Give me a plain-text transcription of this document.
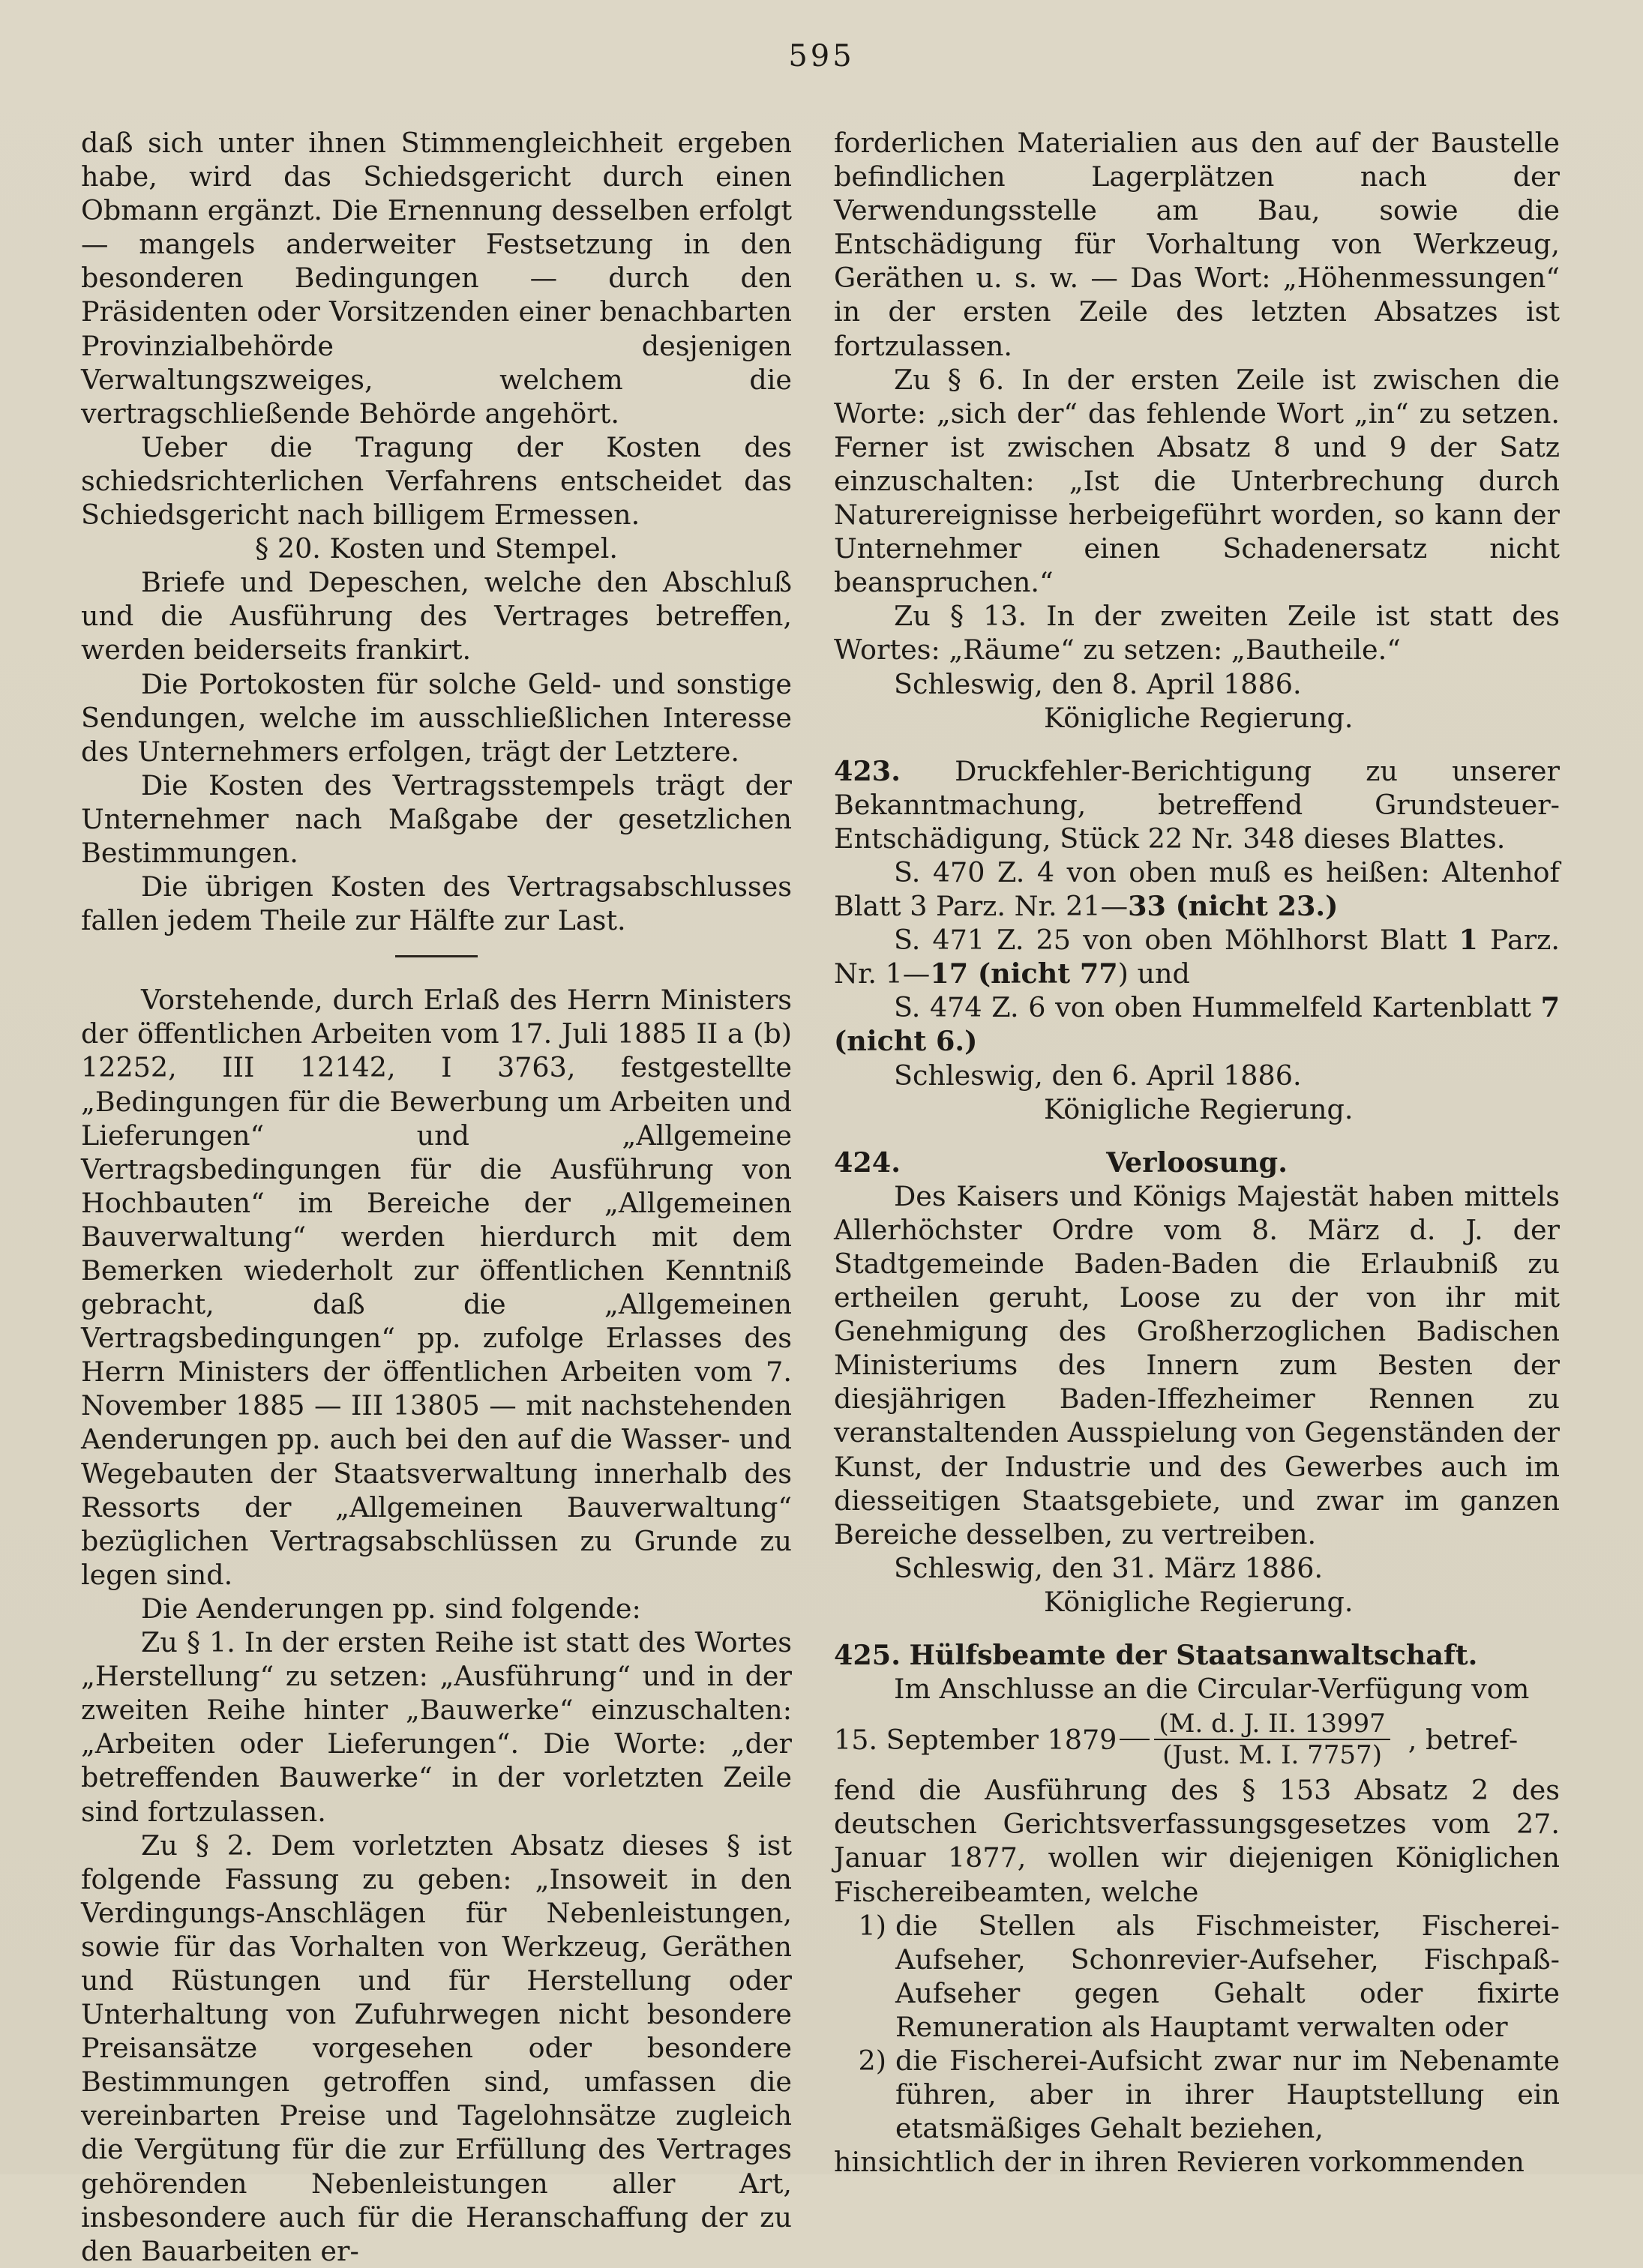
595

daß sich unter ihnen Stimmengleichheit ergeben habe, wird das Schiedsgericht durch einen Obmann ergänzt. Die Ernennung desselben erfolgt — mangels anderweiter Festsetzung in den besonderen Bedingungen — durch den Präsidenten oder Vorsitzenden einer benachbarten Provinzialbehörde desjenigen Verwaltungszweiges, welchem die vertragschließende Behörde angehört.

Ueber die Tragung der Kosten des schiedsrichterlichen Verfahrens entscheidet das Schiedsgericht nach billigem Ermessen.

§ 20. Kosten und Stempel.

Briefe und Depeschen, welche den Abschluß und die Ausführung des Vertrages betreffen, werden beiderseits frankirt.

Die Portokosten für solche Geld- und sonstige Sendungen, welche im ausschließlichen Interesse des Unternehmers erfolgen, trägt der Letztere.

Die Kosten des Vertragsstempels trägt der Unternehmer nach Maßgabe der gesetzlichen Bestimmungen.

Die übrigen Kosten des Vertragsabschlusses fallen jedem Theile zur Hälfte zur Last.

Vorstehende, durch Erlaß des Herrn Ministers der öffentlichen Arbeiten vom 17. Juli 1885 II a (b) 12252, III 12142, I 3763, festgestellte „Bedingungen für die Bewerbung um Arbeiten und Lieferungen“ und „Allgemeine Vertragsbedingungen für die Ausführung von Hochbauten“ im Bereiche der „Allgemeinen Bauverwaltung“ werden hierdurch mit dem Bemerken wiederholt zur öffentlichen Kenntniß gebracht, daß die „Allgemeinen Vertragsbedingungen“ pp. zufolge Erlasses des Herrn Ministers der öffentlichen Arbeiten vom 7. November 1885 — III 13805 — mit nachstehenden Aenderungen pp. auch bei den auf die Wasser- und Wegebauten der Staatsverwaltung innerhalb des Ressorts der „Allgemeinen Bauverwaltung“ bezüglichen Vertragsabschlüssen zu Grunde zu legen sind.

Die Aenderungen pp. sind folgende:

Zu § 1. In der ersten Reihe ist statt des Wortes „Herstellung“ zu setzen: „Ausführung“ und in der zweiten Reihe hinter „Bauwerke“ einzuschalten: „Arbeiten oder Lieferungen“. Die Worte: „der betreffenden Bauwerke“ in der vorletzten Zeile sind fortzulassen.

Zu § 2. Dem vorletzten Absatz dieses § ist folgende Fassung zu geben: „Insoweit in den Verdingungs-Anschlägen für Nebenleistungen, sowie für das Vorhalten von Werkzeug, Geräthen und Rüstungen und für Herstellung oder Unterhaltung von Zufuhrwegen nicht besondere Preisansätze vorgesehen oder besondere Bestimmungen getroffen sind, umfassen die vereinbarten Preise und Tagelohnsätze zugleich die Vergütung für die zur Erfüllung des Vertrages gehörenden Nebenleistungen aller Art, insbesondere auch für die Heranschaffung der zu den Bauarbeiten er-

forderlichen Materialien aus den auf der Baustelle befindlichen Lagerplätzen nach der Verwendungsstelle am Bau, sowie die Entschädigung für Vorhaltung von Werkzeug, Geräthen u. s. w. — Das Wort: „Höhenmessungen“ in der ersten Zeile des letzten Absatzes ist fortzulassen.

Zu § 6. In der ersten Zeile ist zwischen die Worte: „sich der“ das fehlende Wort „in“ zu setzen. Ferner ist zwischen Absatz 8 und 9 der Satz einzuschalten: „Ist die Unterbrechung durch Naturereignisse herbeigeführt worden, so kann der Unternehmer einen Schadenersatz nicht beanspruchen.“

Zu § 13. In der zweiten Zeile ist statt des Wortes: „Räume“ zu setzen: „Bautheile.“

Schleswig, den 8. April 1886.

Königliche Regierung.

423. Druckfehler-Berichtigung zu unserer Bekanntmachung, betreffend Grundsteuer-Entschädigung, Stück 22 Nr. 348 dieses Blattes.

S. 470 Z. 4 von oben muß es heißen: Altenhof Blatt 3 Parz. Nr. 21—33 (nicht 23.)

S. 471 Z. 25 von oben Möhlhorst Blatt 1 Parz. Nr. 1—17 (nicht 77) und

S. 474 Z. 6 von oben Hummelfeld Kartenblatt 7 (nicht 6.)

Schleswig, den 6. April 1886.

Königliche Regierung.

424.	Verloosung.

Des Kaisers und Königs Majestät haben mittels Allerhöchster Ordre vom 8. März d. J. der Stadtgemeinde Baden-Baden die Erlaubniß zu ertheilen geruht, Loose zu der von ihr mit Genehmigung des Großherzoglichen Badischen Ministeriums des Innern zum Besten der diesjährigen Baden-Iffezheimer Rennen zu veranstaltenden Ausspielung von Gegenständen der Kunst, der Industrie und des Gewerbes auch im diesseitigen Staatsgebiete, und zwar im ganzen Bereiche desselben, zu vertreiben.

Schleswig, den 31. März 1886.

Königliche Regierung.

425. Hülfsbeamte der Staatsanwaltschaft.

Im Anschlusse an die Circular-Verfügung vom

15. September $1879 \frac{(M. d. J. II. 13997}{\text{(Just. M. I. 7757)}}$ , betref-

fend die Ausführung des § 153 Absatz 2 des deutschen Gerichtsverfassungsgesetzes vom 27. Januar 1877, wollen wir diejenigen Königlichen Fischereibeamten, welche

1) die Stellen als Fischmeister, Fischerei-Aufseher, Schonrevier-Aufseher, Fischpaß-Aufseher gegen Gehalt oder fixirte Remuneration als Hauptamt verwalten oder
2) die Fischerei-Aufsicht zwar nur im Nebenamte führen, aber in ihrer Hauptstellung ein etatsmäßiges Gehalt beziehen,

hinsichtlich der in ihren Revieren vorkommenden
